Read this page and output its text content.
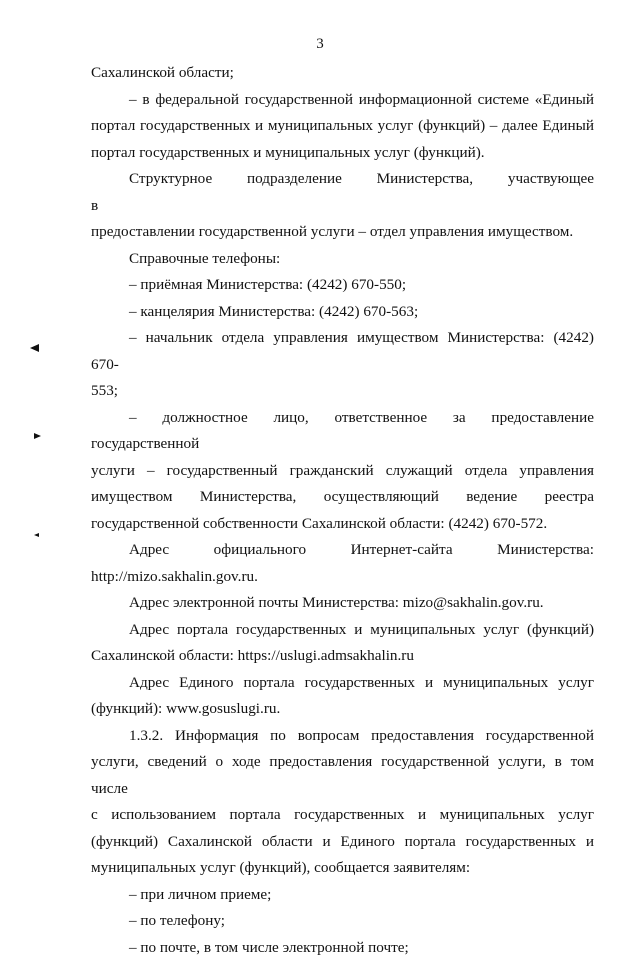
3
Сахалинской области;
– в федеральной государственной информационной системе «Единый
портал государственных и муниципальных услуг (функций) – далее Единый
портал государственных и муниципальных услуг (функций).
Структурное подразделение Министерства, участвующее в
предоставлении государственной услуги – отдел управления имуществом.
Справочные телефоны:
– приёмная Министерства: (4242) 670-550;
– канцелярия Министерства: (4242) 670-563;
– начальник отдела управления имуществом Министерства: (4242) 670-
553;
– должностное лицо, ответственное за предоставление государственной
услуги – государственный гражданский служащий отдела управления
имуществом Министерства, осуществляющий ведение реестра
государственной собственности Сахалинской области: (4242) 670-572.
Адрес официального Интернет-сайта Министерства:
http://mizo.sakhalin.gov.ru.
Адрес электронной почты Министерства: mizo@sakhalin.gov.ru.
Адрес портала государственных и муниципальных услуг (функций)
Сахалинской области: https://uslugi.admsakhalin.ru
Адрес Единого портала государственных и муниципальных услуг
(функций): www.gosuslugi.ru.
1.3.2. Информация по вопросам предоставления государственной
услуги, сведений о ходе предоставления государственной услуги, в том числе
с использованием портала государственных и муниципальных услуг
(функций) Сахалинской области и Единого портала государственных и
муниципальных услуг (функций), сообщается заявителям:
– при личном приеме;
– по телефону;
– по почте, в том числе электронной почте;
